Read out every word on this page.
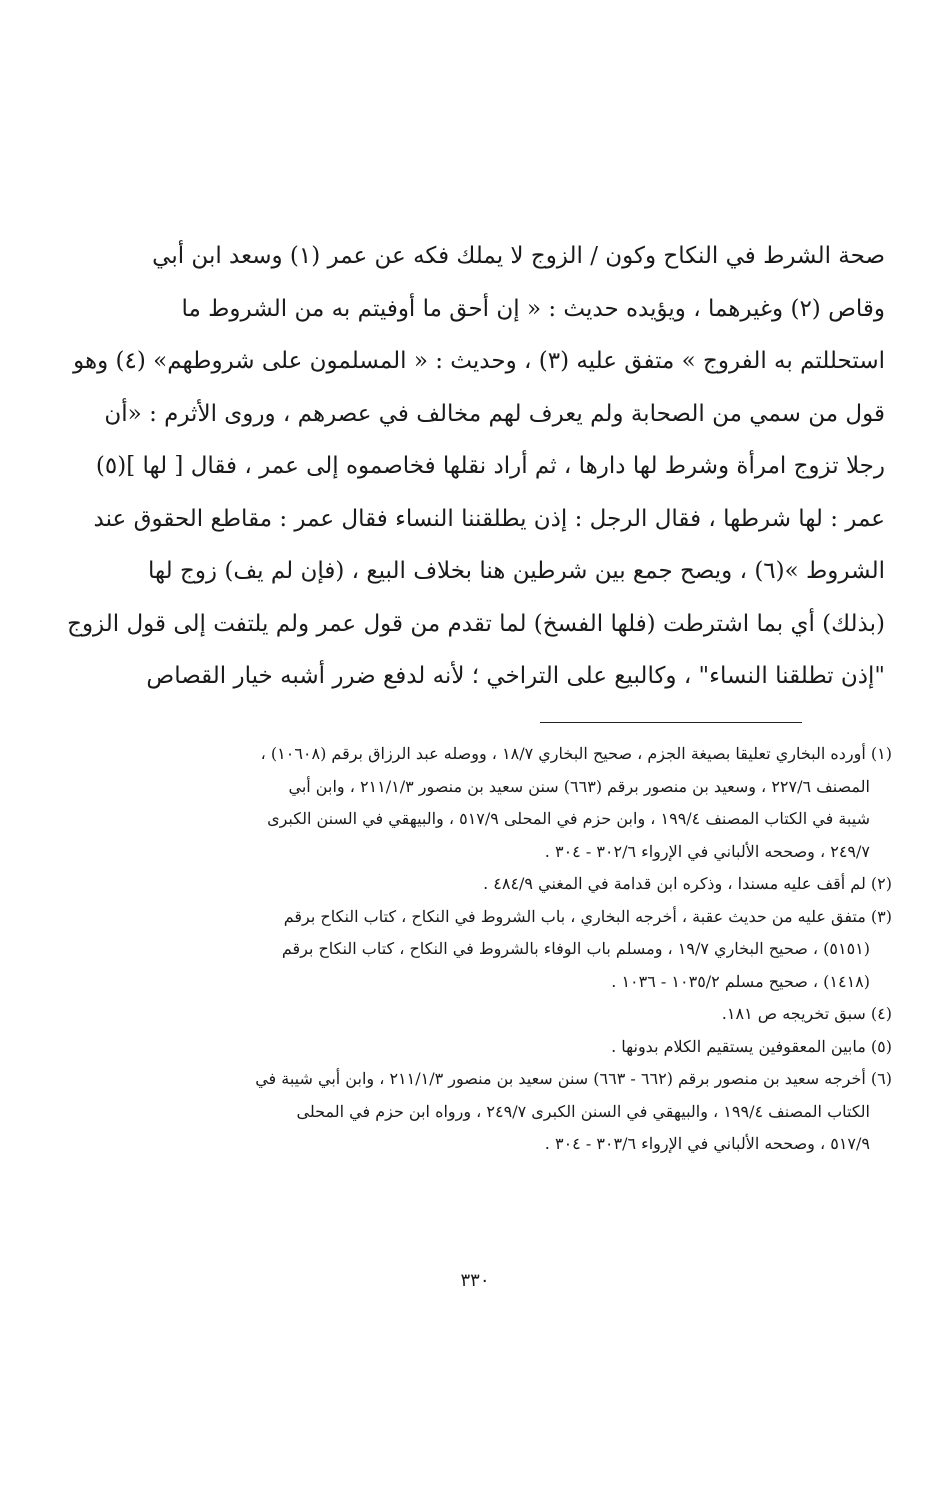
صحة الشرط في النكاح وكون / الزوج لا يملك فكه عن عمر (١) وسعد ابن أبي
وقاص (٢) وغيرهما ، ويؤيده حديث : « إن أحق ما أوفيتم به من الشروط ما
استحللتم به الفروج » متفق عليه (٣) ، وحديث : « المسلمون على شروطهم» (٤) وهو
قول من سمي من الصحابة ولم يعرف لهم مخالف في عصرهم ، وروى الأثرم : «أن
رجلا تزوج امرأة وشرط لها دارها ، ثم أراد نقلها فخاصموه إلى عمر ، فقال [ لها ](٥)
عمر : لها شرطها ، فقال الرجل : إذن يطلقننا النساء فقال عمر : مقاطع الحقوق عند
الشروط »(٦) ، ويصح جمع بين شرطين هنا بخلاف البيع ، (فإن لم يف) زوج لها
(بذلك) أي بما اشترطت (فلها الفسخ) لما تقدم من قول عمر ولم يلتفت إلى قول الزوج
"إذن تطلقنا النساء" ، وكالبيع على التراخي ؛ لأنه لدفع ضرر أشبه خيار القصاص
(١) أورده البخاري تعليقا بصيغة الجزم ، صحيح البخاري ١٨/٧ ، ووصله عبد الرزاق برقم (١٠٦٠٨) ،
المصنف ٢٢٧/٦ ، وسعيد بن منصور برقم (٦٦٣) سنن سعيد بن منصور ٢١١/١/٣ ، وابن أبي
شيبة في الكتاب المصنف ١٩٩/٤ ، وابن حزم في المحلى ٥١٧/٩ ، والبيهقي في السنن الكبرى
٢٤٩/٧ ، وصححه الألباني في الإرواء ٣٠٢/٦ - ٣٠٤ .
(٢) لم أقف عليه مسندا ، وذكره ابن قدامة في المغني ٤٨٤/٩ .
(٣) متفق عليه من حديث عقبة ، أخرجه البخاري ، باب الشروط في النكاح ، كتاب النكاح برقم
(٥١٥١) ، صحيح البخاري ١٩/٧ ، ومسلم باب الوفاء بالشروط في النكاح ، كتاب النكاح برقم
(١٤١٨) ، صحيح مسلم ١٠٣٥/٢ - ١٠٣٦ .
(٤) سبق تخريجه ص ١٨١.
(٥) مابين المعقوفين يستقيم الكلام بدونها .
(٦) أخرجه سعيد بن منصور برقم (٦٦٢ - ٦٦٣) سنن سعيد بن منصور ٢١١/١/٣ ، وابن أبي شيبة في
الكتاب المصنف ١٩٩/٤ ، والبيهقي في السنن الكبرى ٢٤٩/٧ ، ورواه ابن حزم في المحلى
٥١٧/٩ ، وصححه الألباني في الإرواء ٣٠٣/٦ - ٣٠٤ .
٣٣٠
